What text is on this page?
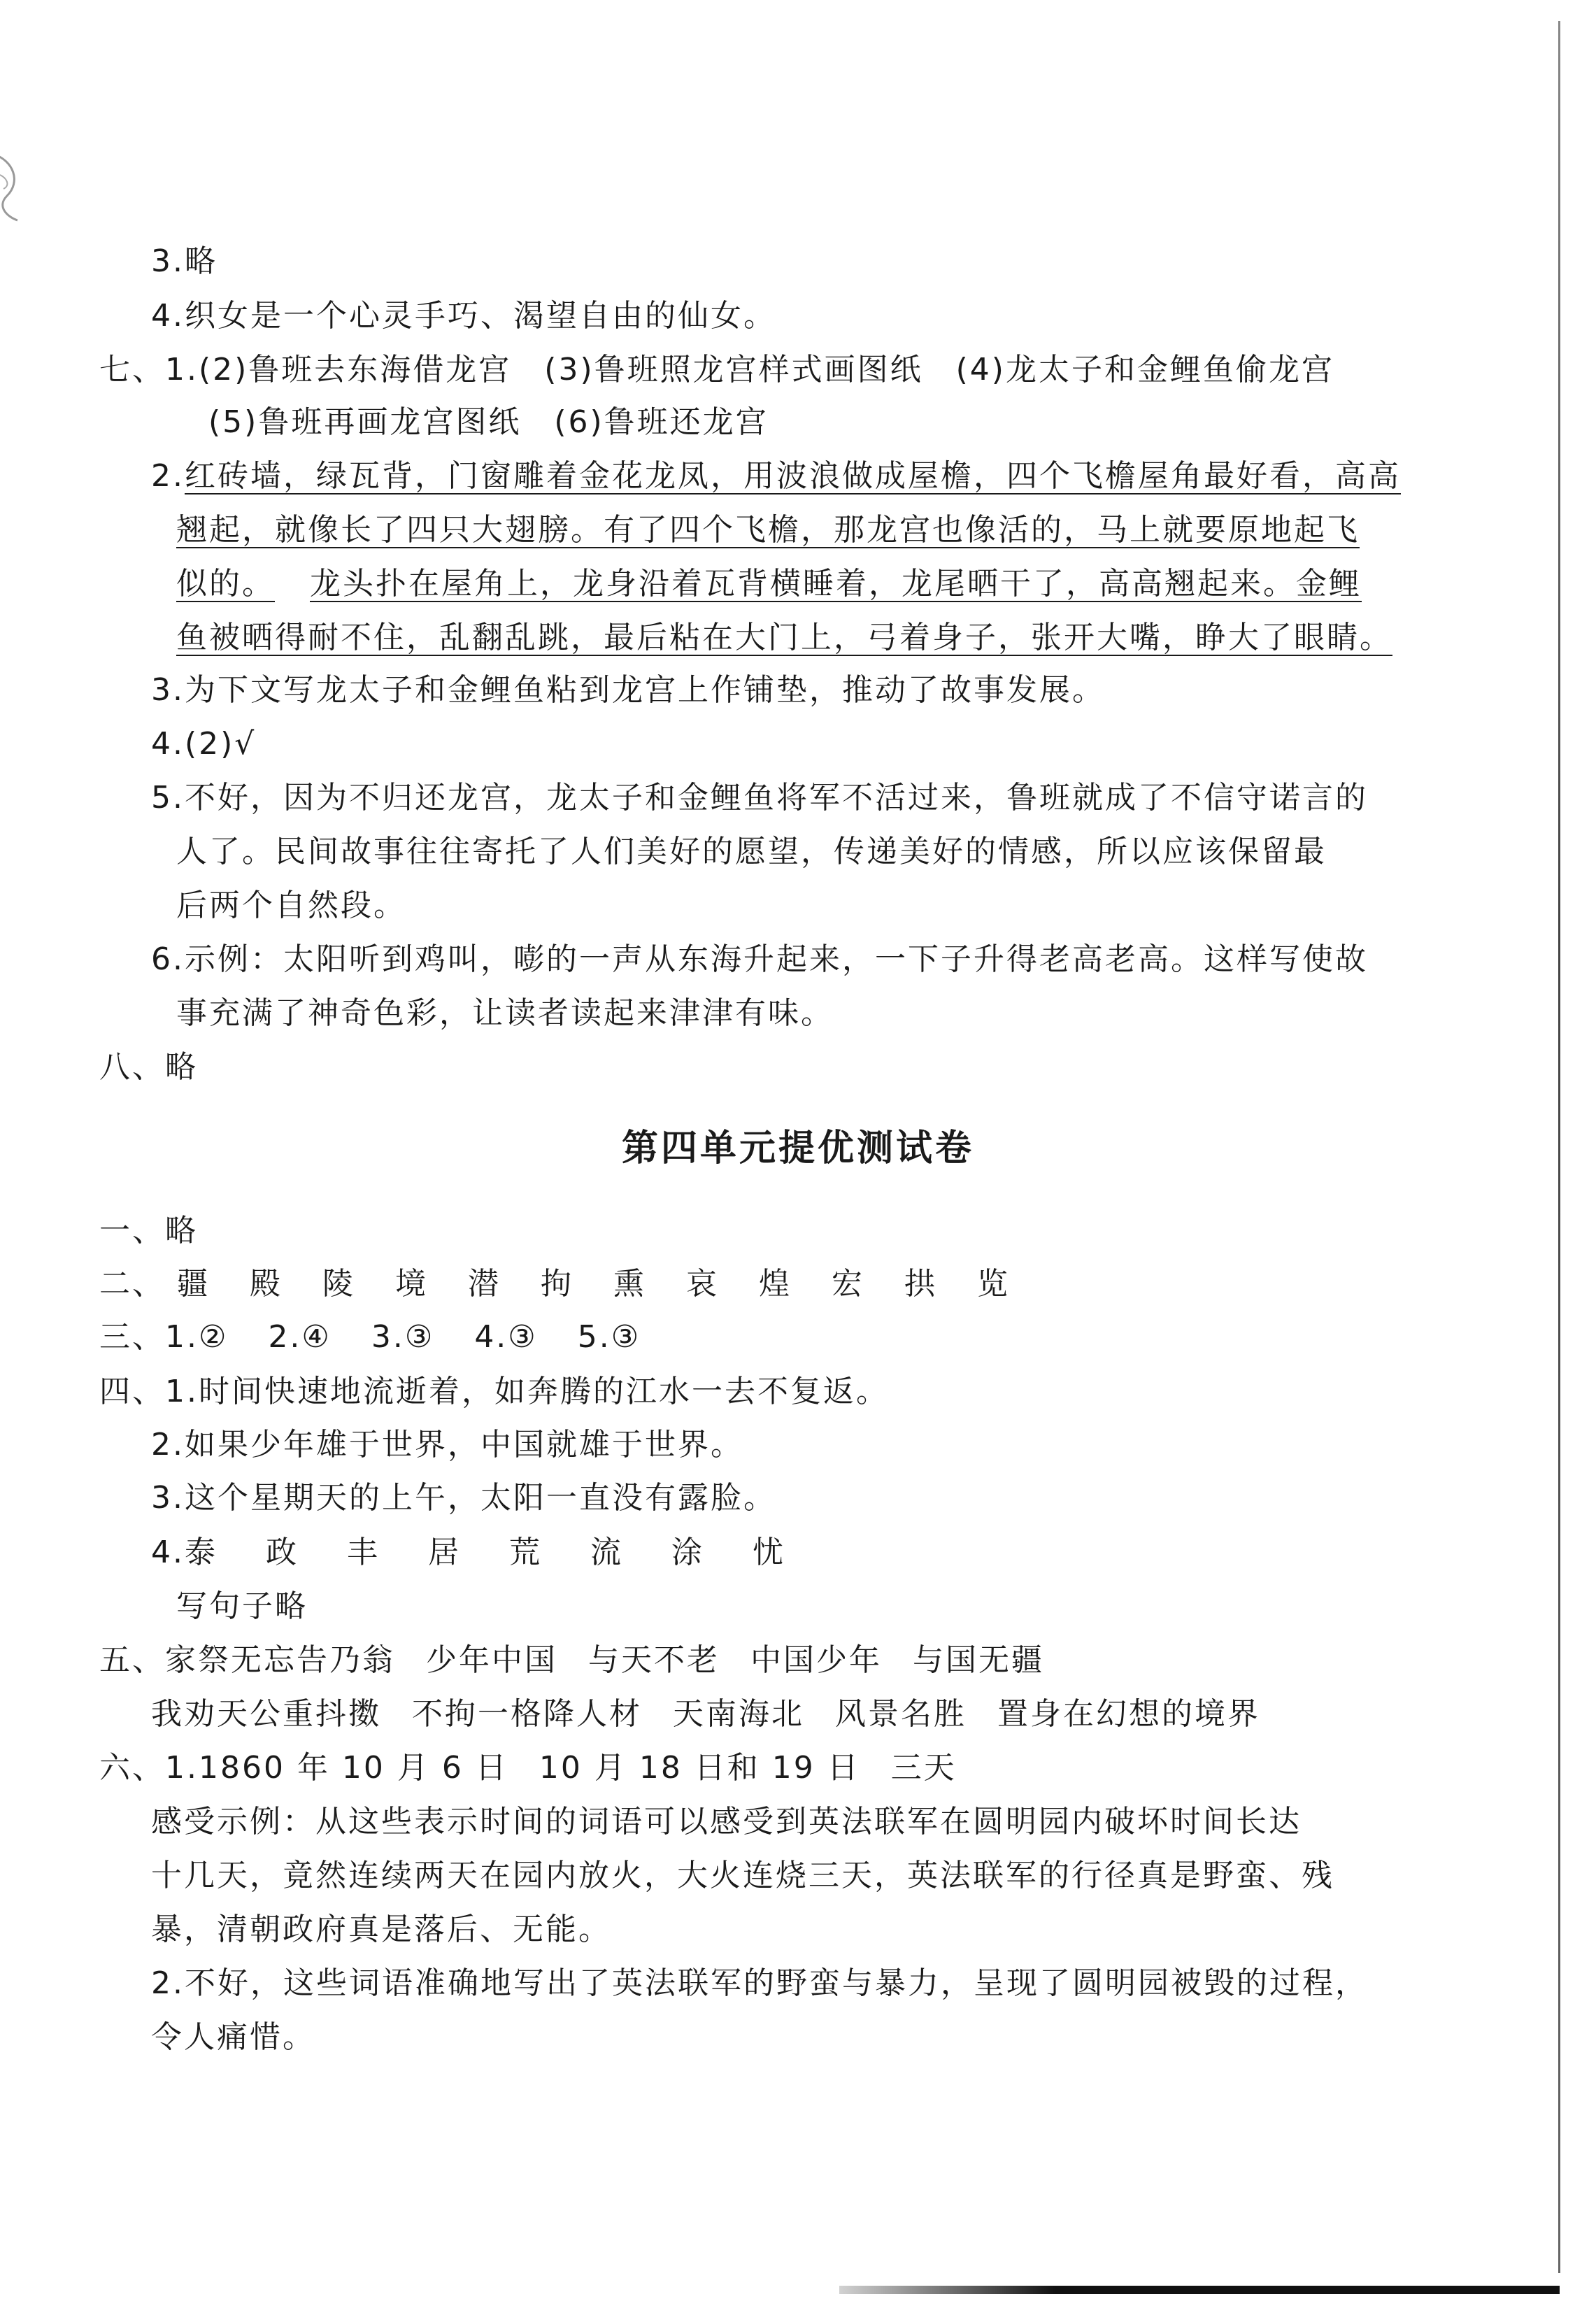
3.略
4.织女是一个心灵手巧、渴望自由的仙女。
七、1.(2)鲁班去东海借龙宫　(3)鲁班照龙宫样式画图纸　(4)龙太子和金鲤鱼偷龙宫
(5)鲁班再画龙宫图纸　(6)鲁班还龙宫
2.红砖墙，绿瓦背，门窗雕着金花龙凤，用波浪做成屋檐，四个飞檐屋角最好看，高高
翘起，就像长了四只大翅膀。有了四个飞檐，那龙宫也像活的，马上就要原地起飞
似的。 龙头扑在屋角上，龙身沿着瓦背横睡着，龙尾晒干了，高高翘起来。金鲤
鱼被晒得耐不住，乱翻乱跳，最后粘在大门上，弓着身子，张开大嘴，睁大了眼睛。
3.为下文写龙太子和金鲤鱼粘到龙宫上作铺垫，推动了故事发展。
4.(2)√
5.不好，因为不归还龙宫，龙太子和金鲤鱼将军不活过来，鲁班就成了不信守诺言的
人了。民间故事往往寄托了人们美好的愿望，传递美好的情感，所以应该保留最
后两个自然段。
6.示例：太阳听到鸡叫，嘭的一声从东海升起来，一下子升得老高老高。这样写使故
事充满了神奇色彩，让读者读起来津津有味。
八、略
第四单元提优测试卷
一、略
二、 疆 殿 陵 境 潜 拘 熏 哀 煌 宏 拱 览
三、1.② 2.④ 3.③ 4.③ 5.③
四、1.时间快速地流逝着，如奔腾的江水一去不复返。
2.如果少年雄于世界，中国就雄于世界。
3.这个星期天的上午，太阳一直没有露脸。
4.泰 政 丰 居 荒 流 涂 忧
写句子略
五、家祭无忘告乃翁 少年中国 与天不老 中国少年 与国无疆
我劝天公重抖擞 不拘一格降人材 天南海北 风景名胜 置身在幻想的境界
六、1.1860 年 10 月 6 日 10 月 18 日和 19 日 三天
感受示例：从这些表示时间的词语可以感受到英法联军在圆明园内破坏时间长达
十几天，竟然连续两天在园内放火，大火连烧三天，英法联军的行径真是野蛮、残
暴，清朝政府真是落后、无能。
2.不好，这些词语准确地写出了英法联军的野蛮与暴力，呈现了圆明园被毁的过程，
令人痛惜。
